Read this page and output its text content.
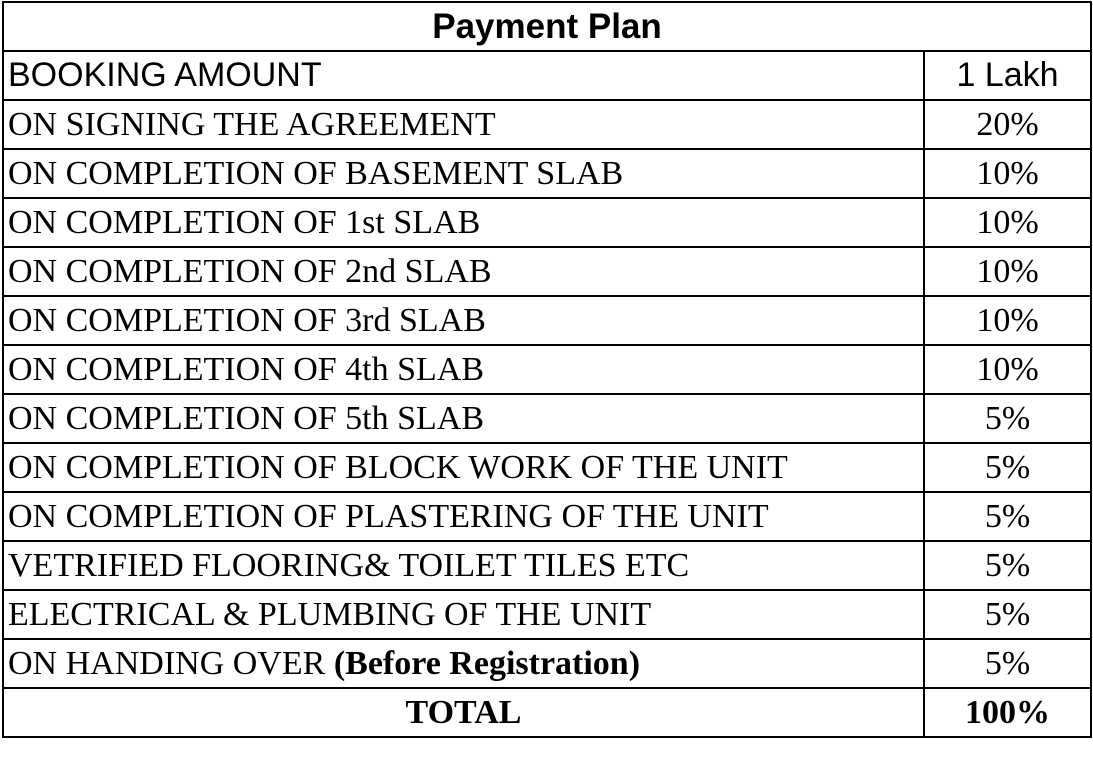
Payment Plan	
BOOKING AMOUNT	1 Lakh
ON SIGNING THE AGREEMENT	20%
ON COMPLETION OF BASEMENT SLAB	10%
ON COMPLETION OF 1st SLAB	10%
ON COMPLETION OF 2nd SLAB	10%
ON COMPLETION OF 3rd SLAB	10%
ON COMPLETION OF 4th SLAB	10%
ON COMPLETION OF 5th SLAB	5%
ON COMPLETION OF BLOCK WORK OF THE UNIT	5%
ON COMPLETION OF PLASTERING OF THE UNIT	5%
VETRIFIED FLOORING& TOILET TILES ETC	5%
ELECTRICAL & PLUMBING OF THE UNIT	5%
ON HANDING OVER (Before Registration)	5%
TOTAL	100%
